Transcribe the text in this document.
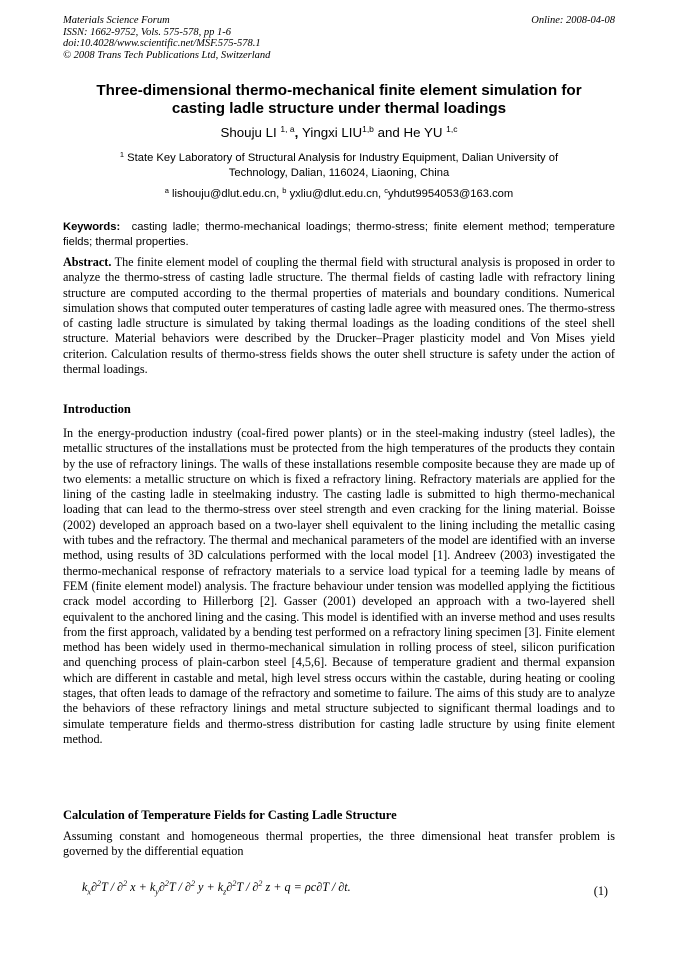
Materials Science Forum
ISSN: 1662-9752, Vols. 575-578, pp 1-6
doi:10.4028/www.scientific.net/MSF.575-578.1
© 2008 Trans Tech Publications Ltd, Switzerland
Online: 2008-04-08
Three-dimensional thermo-mechanical finite element simulation for
casting ladle structure under thermal loadings
Shouju LI $^{1, a}$, Yingxi LIU$^{1,b}$ and He YU $^{1,c}$
$^1$ State Key Laboratory of Structural Analysis for Industry Equipment, Dalian University of
Technology, Dalian, 116024, Liaoning, China
$^a$ lishouju@dlut.edu.cn, $^b$ yxliu@dlut.edu.cn, $^c$yhdut9954053@163.com
Keywords: casting ladle; thermo-mechanical loadings; thermo-stress; finite element method; temperature fields; thermal properties.
Abstract. The finite element model of coupling the thermal field with structural analysis is proposed in order to analyze the thermo-stress of casting ladle structure. The thermal fields of casting ladle with refractory lining structure are computed according to the thermal properties of materials and boundary conditions. Numerical simulation shows that computed outer temperatures of casting ladle agree with measured ones. The thermo-stress of casting ladle structure is simulated by taking thermal loadings as the loading conditions of the steel shell structure. Material behaviors were described by the Drucker–Prager plasticity model and Von Mises yield criterion. Calculation results of thermo-stress fields shows the outer shell structure is safety under the action of thermal loadings.
Introduction
In the energy-production industry (coal-fired power plants) or in the steel-making industry (steel ladles), the metallic structures of the installations must be protected from the high temperatures of the products they contain by the use of refractory linings. The walls of these installations resemble composite because they are made up of two elements: a metallic structure on which is fixed a refractory lining. Refractory materials are applied for the lining of the casting ladle in steelmaking industry. The casting ladle is submitted to high thermo-mechanical loading that can lead to the thermo-stress over steel strength and even cracking for the lining material. Boisse (2002) developed an approach based on a two-layer shell equivalent to the lining including the metallic casing with tubes and the refractory. The thermal and mechanical parameters of the model are identified with an inverse method, using results of 3D calculations performed with the local model [1]. Andreev (2003) investigated the thermo-mechanical response of refractory materials to a service load typical for a teeming ladle by means of FEM (finite element model) analysis. The fracture behaviour under tension was modelled applying the fictitious crack model according to Hillerborg [2]. Gasser (2001) developed an approach with a two-layered shell equivalent to the anchored lining and the casing. This model is identified with an inverse method and uses results from the first approach, validated by a bending test performed on a refractory lining specimen [3]. Finite element method has been widely used in thermo-mechanical simulation in rolling process of steel, silicon purification and quenching process of plain-carbon steel [4,5,6]. Because of temperature gradient and thermal expansion which are different in castable and metal, high level stress occurs within the castable, during heating or cooling stages, that often leads to damage of the refractory and sometime to failure. The aims of this study are to analyze the behaviors of these refractory linings and metal structure subjected to significant thermal loadings and to simulate temperature fields and thermo-stress distribution for casting ladle structure by using finite element method.
Calculation of Temperature Fields for Casting Ladle Structure
Assuming constant and homogeneous thermal properties, the three dimensional heat transfer problem is governed by the differential equation
$k_x\partial^2T / \partial^2$ $x + k_y\partial^2T / \partial^2$ $y + k_z\partial^2T / \partial^2$ z + q = ρc∂T / ∂t.	(1)
